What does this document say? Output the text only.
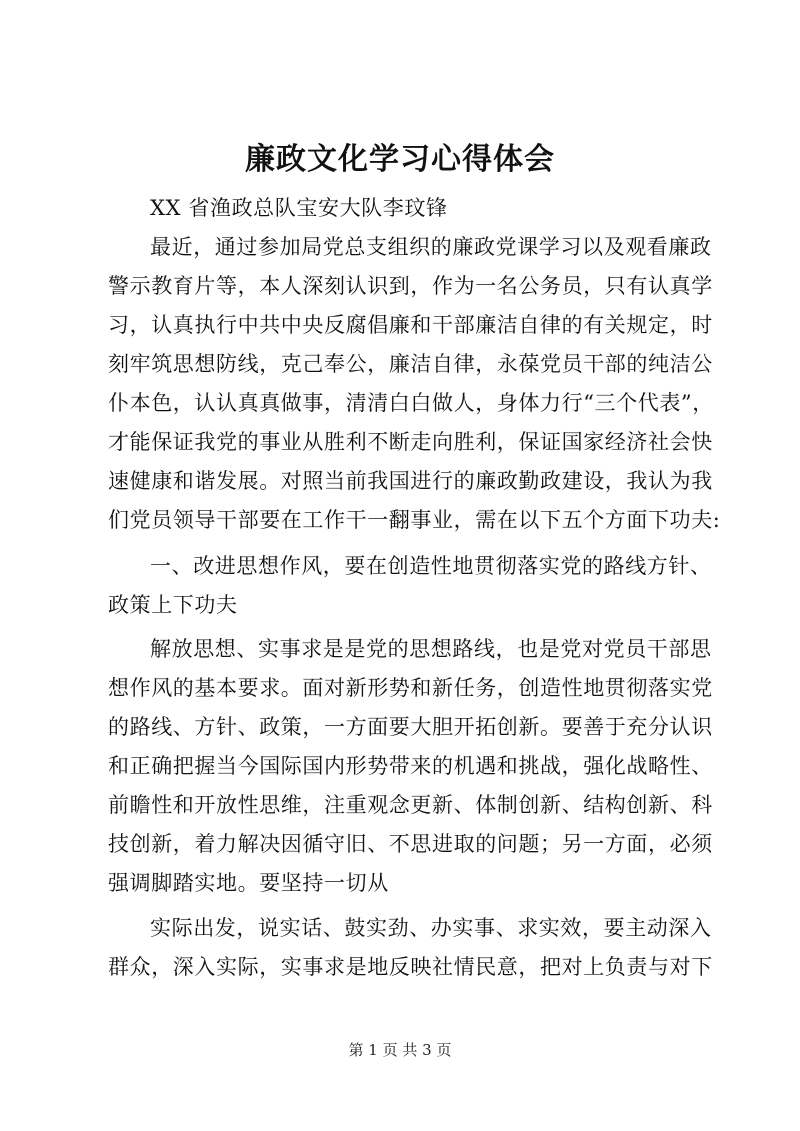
廉政文化学习心得体会
XX 省渔政总队宝安大队李玟锋
最近，通过参加局党总支组织的廉政党课学习以及观看廉政
警示教育片等，本人深刻认识到，作为一名公务员，只有认真学
习，认真执行中共中央反腐倡廉和干部廉洁自律的有关规定，时
刻牢筑思想防线，克己奉公，廉洁自律，永葆党员干部的纯洁公
仆本色，认认真真做事，清清白白做人，身体力行“三个代表”，
才能保证我党的事业从胜利不断走向胜利，保证国家经济社会快
速健康和谐发展。对照当前我国进行的廉政勤政建设，我认为我
们党员领导干部要在工作干一翻事业，需在以下五个方面下功夫:
一、改进思想作风，要在创造性地贯彻落实党的路线方针、
政策上下功夫
解放思想、实事求是是党的思想路线，也是党对党员干部思
想作风的基本要求。面对新形势和新任务，创造性地贯彻落实党
的路线、方针、政策，一方面要大胆开拓创新。要善于充分认识
和正确把握当今国际国内形势带来的机遇和挑战，强化战略性、
前瞻性和开放性思维，注重观念更新、体制创新、结构创新、科
技创新，着力解决因循守旧、不思进取的问题；另一方面，必须
强调脚踏实地。要坚持一切从
实际出发，说实话、鼓实劲、办实事、求实效，要主动深入
群众，深入实际，实事求是地反映社情民意，把对上负责与对下
第 1 页 共 3 页
